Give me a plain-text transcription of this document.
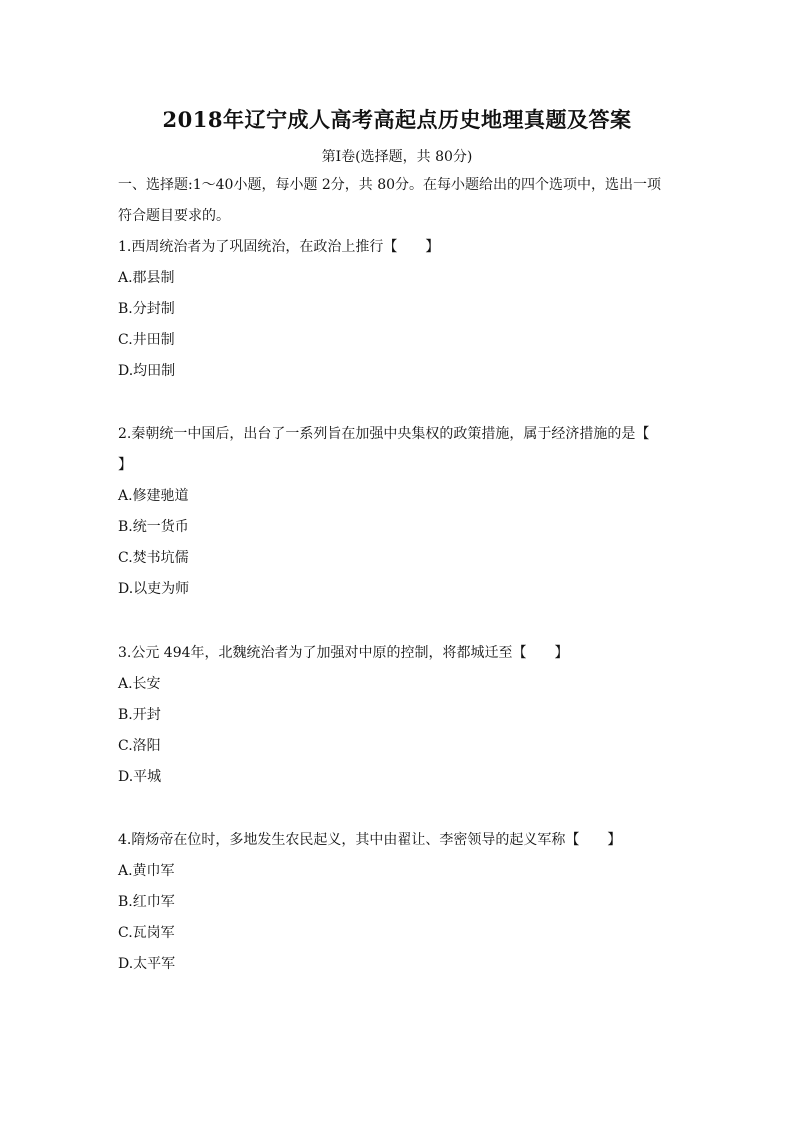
2018年辽宁成人高考高起点历史地理真题及答案
第Ⅰ卷(选择题，共 80分)
一、选择题:1～40小题，每小题 2分，共 80分。在每小题给出的四个选项中，选出一项
符合题目要求的。
1.西周统治者为了巩固统治，在政治上推行【　　】
A.郡县制
B.分封制
C.井田制
D.均田制
2.秦朝统一中国后，出台了一系列旨在加强中央集权的政策措施，属于经济措施的是【
】
A.修建驰道
B.统一货币
C.焚书坑儒
D.以吏为师
3.公元 494年，北魏统治者为了加强对中原的控制，将都城迁至【　　】
A.长安
B.开封
C.洛阳
D.平城
4.隋炀帝在位时，多地发生农民起义，其中由翟让、李密领导的起义军称【　　】
A.黄巾军
B.红巾军
C.瓦岗军
D.太平军
